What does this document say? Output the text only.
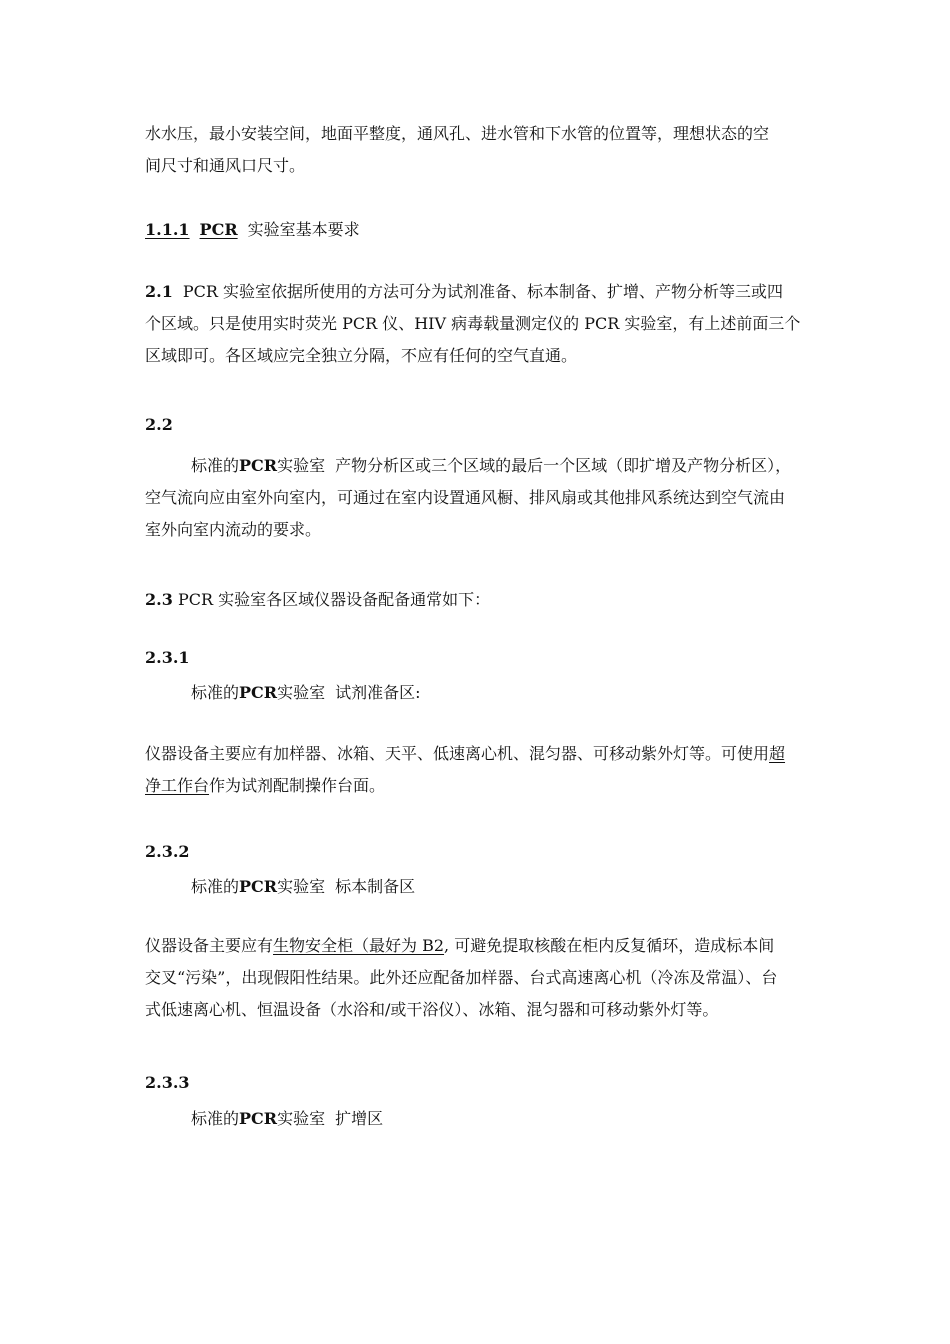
水水压，最小安装空间，地面平整度，通风孔、进水管和下水管的位置等，理想状态的空
间尺寸和通风口尺寸。
1.1.1 PCR 实验室基本要求
2.1 PCR 实验室依据所使用的方法可分为试剂准备、标本制备、扩增、产物分析等三或四
个区域。只是使用实时荧光 PCR 仪、HIV 病毒载量测定仪的 PCR 实验室，有上述前面三个
区域即可。各区域应完全独立分隔，不应有任何的空气直通。
2.2
标准的PCR实验室 产物分析区或三个区域的最后一个区域（即扩增及产物分析区），
空气流向应由室外向室内，可通过在室内设置通风橱、排风扇或其他排风系统达到空气流由
室外向室内流动的要求。
2.3 PCR 实验室各区域仪器设备配备通常如下：
2.3.1
标准的PCR实验室 试剂准备区:
仪器设备主要应有加样器、冰箱、天平、低速离心机、混匀器、可移动紫外灯等。可使用超
净工作台作为试剂配制操作台面。
2.3.2
标准的PCR实验室 标本制备区
仪器设备主要应有生物安全柜（最好为 B2, 可避免提取核酸在柜内反复循环，造成标本间
交叉“污染”，出现假阳性结果。此外还应配备加样器、台式高速离心机（冷冻及常温）、台
式低速离心机、恒温设备（水浴和/或干浴仪）、冰箱、混匀器和可移动紫外灯等。
2.3.3
标准的PCR实验室 扩增区
